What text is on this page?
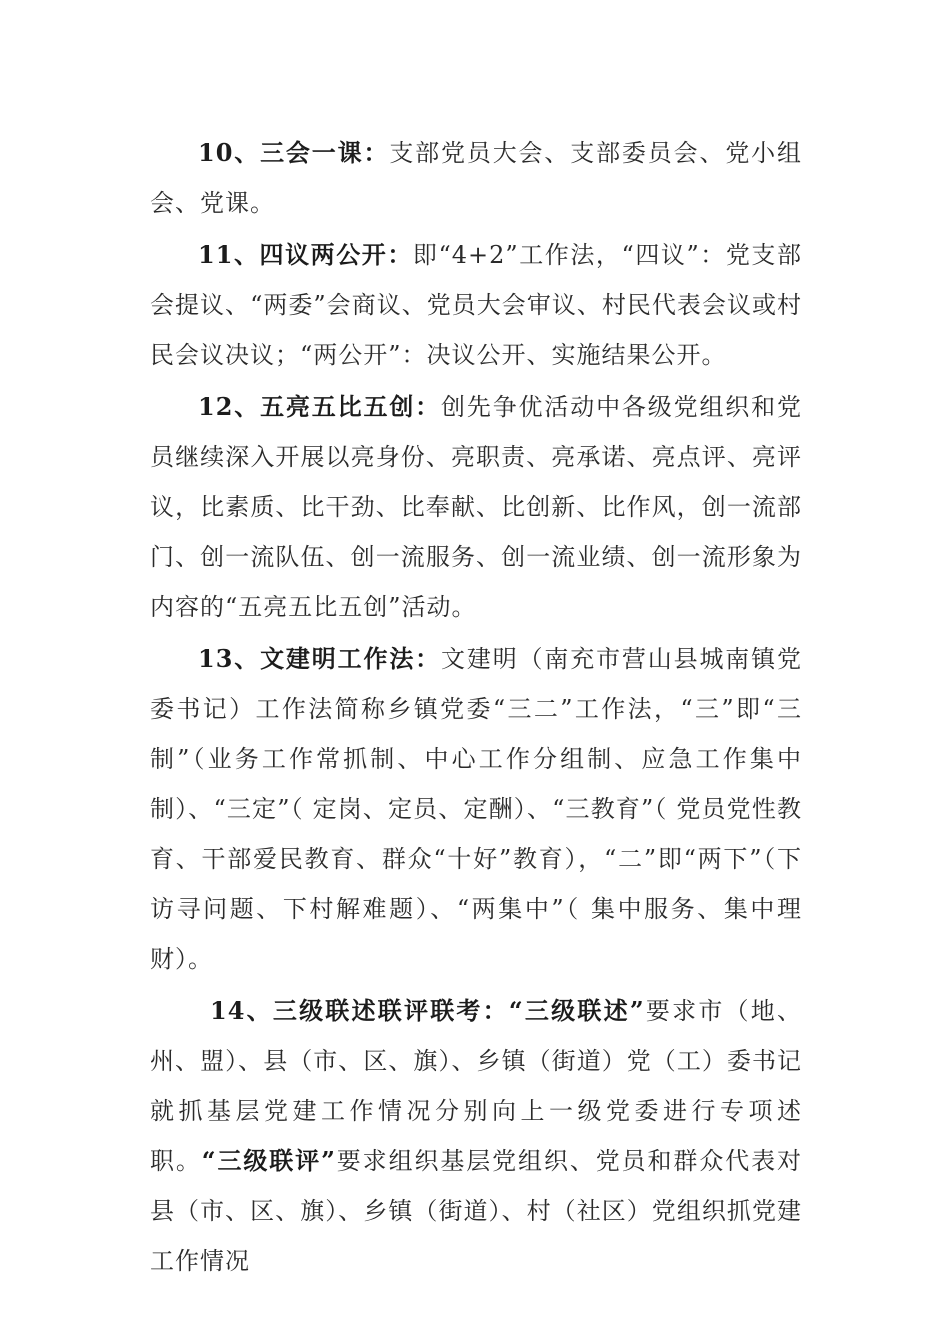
10、三会一课：支部党员大会、支部委员会、党小组会、党课。

11、四议两公开：即“4+2”工作法，“四议”：党支部会提议、“两委”会商议、党员大会审议、村民代表会议或村民会议决议；“两公开”：决议公开、实施结果公开。

12、五亮五比五创：创先争优活动中各级党组织和党员继续深入开展以亮身份、亮职责、亮承诺、亮点评、亮评议，比素质、比干劲、比奉献、比创新、比作风，创一流部门、创一流队伍、创一流服务、创一流业绩、创一流形象为内容的“五亮五比五创”活动。

13、文建明工作法：文建明（南充市营山县城南镇党委书记）工作法简称乡镇党委“三二”工作法，“三”即“三制”（业务工作常抓制、中心工作分组制、应急工作集中制）、“三定”（ 定岗、定员、定酬）、“三教育”（ 党员党性教育、干部爱民教育、群众“十好”教育），“二”即“两下”（下访寻问题、下村解难题）、“两集中”（ 集中服务、集中理财）。

14、三级联述联评联考：“三级联述”要求市（地、州、盟）、县（市、区、旗）、乡镇（街道）党（工）委书记就抓基层党建工作情况分别向上一级党委进行专项述职。“三级联评”要求组织基层党组织、党员和群众代表对县（市、区、旗）、乡镇（街道）、村（社区）党组织抓党建工作情况
